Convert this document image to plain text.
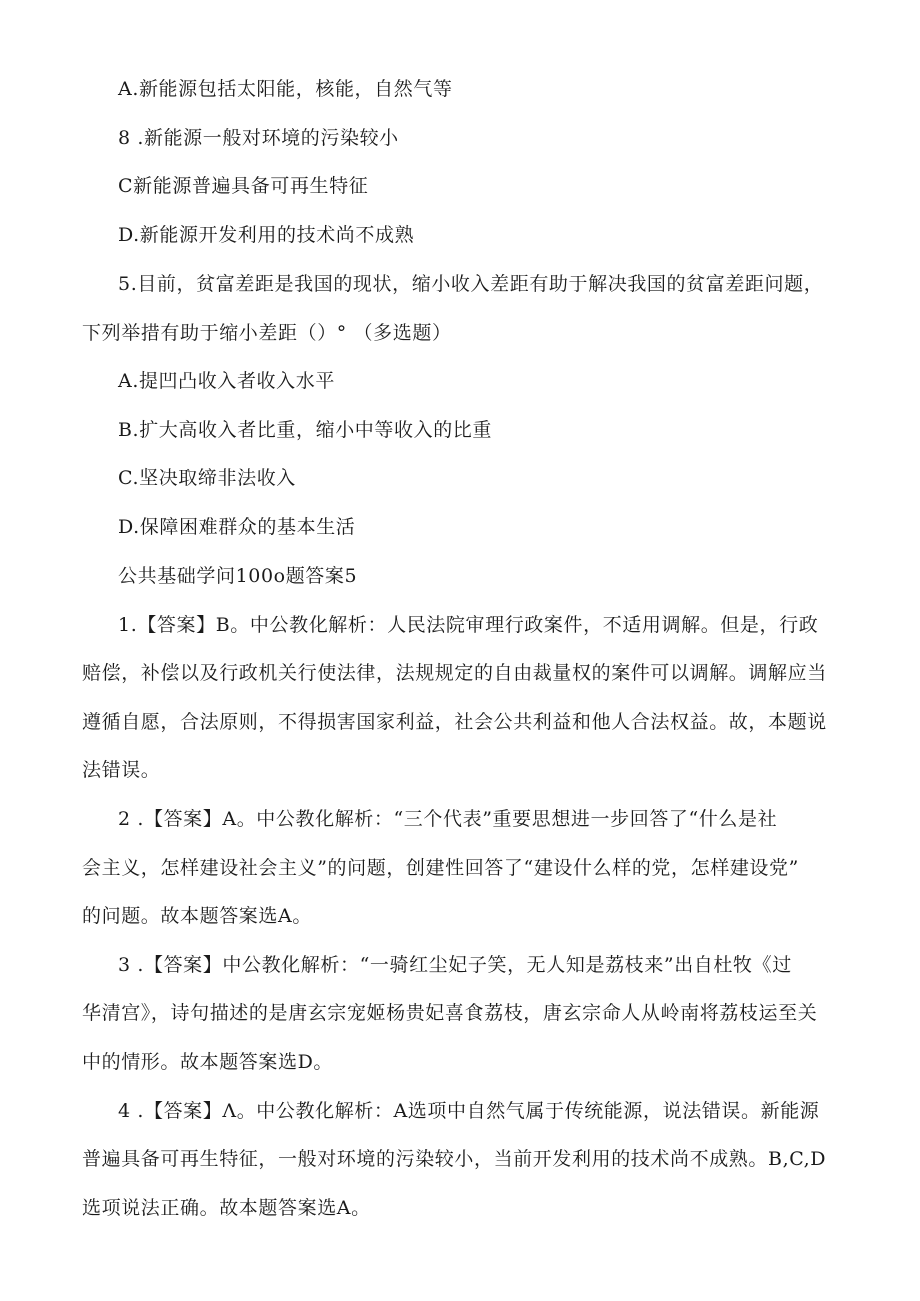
A.新能源包括太阳能，核能，自然气等
8 .新能源一般对环境的污染较小
C新能源普遍具备可再生特征
D.新能源开发利用的技术尚不成熟
5.目前，贫富差距是我国的现状，缩小收入差距有助于解决我国的贫富差距问题，
下列举措有助于缩小差距（）° （多选题）
A.提凹凸收入者收入水平
B.扩大高收入者比重，缩小中等收入的比重
C.坚决取缔非法收入
D.保障困难群众的基本生活
公共基础学问100o题答案5
1.【答案】B。中公教化解析：人民法院审理行政案件，不适用调解。但是，行政
赔偿，补偿以及行政机关行使法律，法规规定的自由裁量权的案件可以调解。调解应当
遵循自愿，合法原则，不得损害国家利益，社会公共利益和他人合法权益。故，本题说
法错误。
2 .【答案】A。中公教化解析：“三个代表”重要思想进一步回答了“什么是社
会主义，怎样建设社会主义”的问题，创建性回答了“建设什么样的党，怎样建设党”
的问题。故本题答案选A。
3 .【答案】中公教化解析：“一骑红尘妃子笑，无人知是荔枝来”出自杜牧《过
华清宫》，诗句描述的是唐玄宗宠姬杨贵妃喜食荔枝，唐玄宗命人从岭南将荔枝运至关
中的情形。故本题答案选D。
4 .【答案】Λ。中公教化解析：A选项中自然气属于传统能源，说法错误。新能源
普遍具备可再生特征，一般对环境的污染较小，当前开发利用的技术尚不成熟。B,C,D
选项说法正确。故本题答案选A。
